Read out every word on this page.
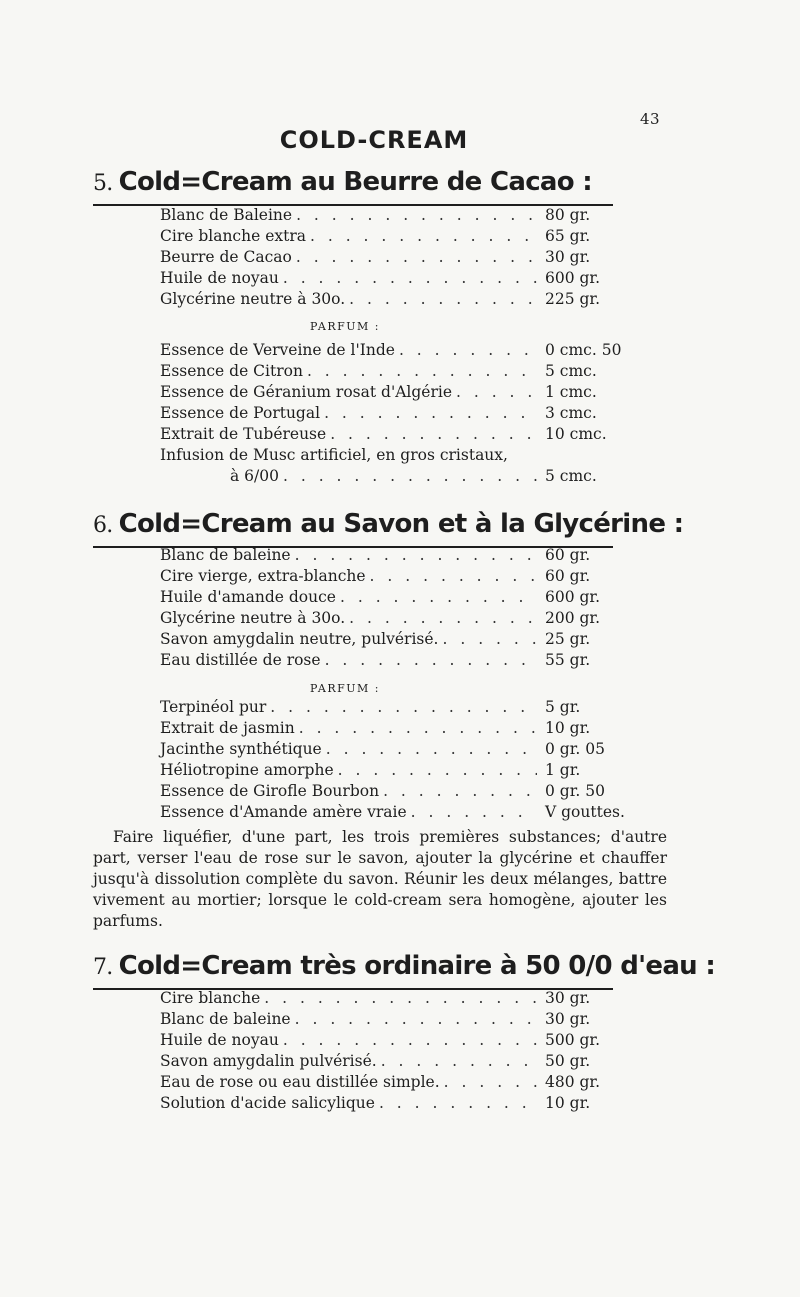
43
COLD-CREAM
5. Cold=Cream au Beurre de Cacao :
Blanc de Baleine . . .	80 gr.
Cire blanche extra . . .	65 gr.
Beurre de Cacao . . .	30 gr.
Huile de noyau . . .	600 gr.
Glycérine neutre à 30o. . . .	225 gr.
PARFUM :
Essence de Verveine de l'Inde . . .	0 cmc. 50
Essence de Citron . . .	5 cmc.
Essence de Géranium rosat d'Algérie . . .	1 cmc.
Essence de Portugal . . .	3 cmc.
Extrait de Tubéreuse . . .	10 cmc.
Infusion de Musc artificiel, en gros cristaux,
à 6/00 . . .	5 cmc.
6. Cold=Cream au Savon et à la Glycérine :
Blanc de baleine . . .	60 gr.
Cire vierge, extra-blanche . . .	60 gr.
Huile d'amande douce . . .	600 gr.
Glycérine neutre à 30o. . . .	200 gr.
Savon amygdalin neutre, pulvérisé. . . .	25 gr.
Eau distillée de rose . . .	55 gr.
PARFUM :
Terpinéol pur . . .	5 gr.
Extrait de jasmin . . .	10 gr.
Jacinthe synthétique . . .	0 gr. 05
Héliotropine amorphe . . .	1 gr.
Essence de Girofle Bourbon . . .	0 gr. 50
Essence d'Amande amère vraie . . .	V gouttes.
Faire liquéfier, d'une part, les trois premières substances; d'autre part, verser l'eau de rose sur le savon, ajouter la glycérine et chauffer jusqu'à dissolution complète du savon. Réunir les deux mélanges, battre vivement au mortier; lorsque le cold-cream sera homogène, ajouter les parfums.
7. Cold=Cream très ordinaire à 50 0/0 d'eau :
Cire blanche . . .	30 gr.
Blanc de baleine . . .	30 gr.
Huile de noyau . . .	500 gr.
Savon amygdalin pulvérisé. . . .	50 gr.
Eau de rose ou eau distillée simple. . . .	480 gr.
Solution d'acide salicylique . . .	10 gr.
